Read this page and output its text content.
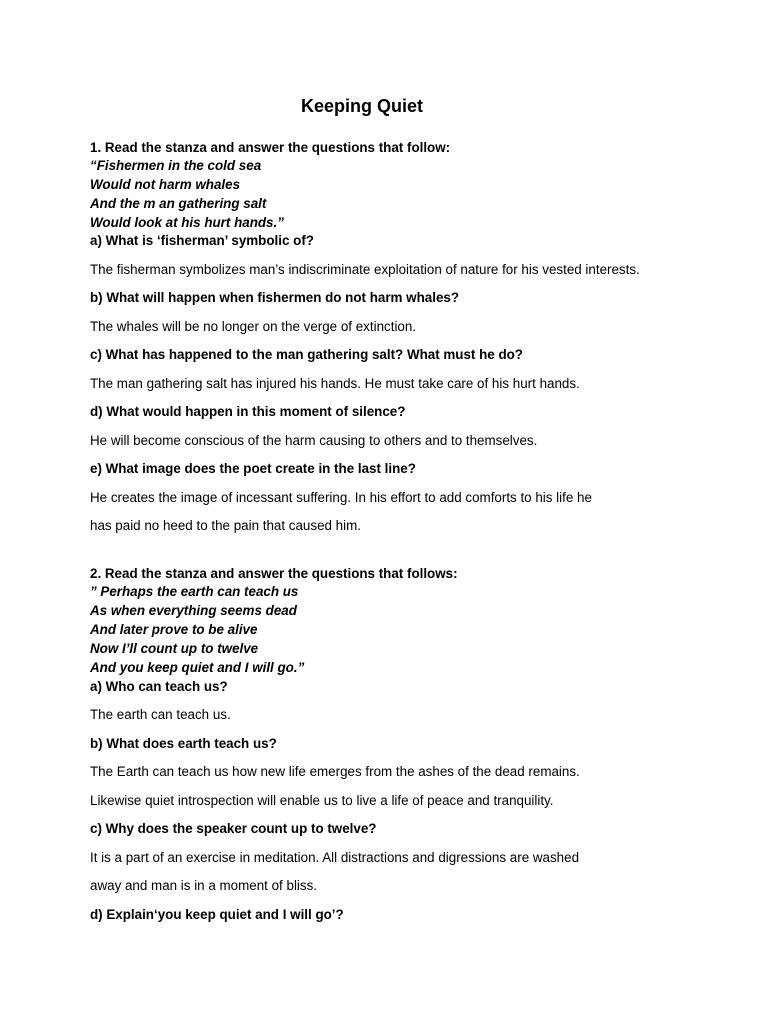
Keeping Quiet
1. Read the stanza and answer the questions that follow:
“Fishermen in the cold sea
Would not harm whales
And the m an gathering salt
Would look at his hurt hands.”
a) What is ‘fisherman’ symbolic of?
The fisherman symbolizes man’s indiscriminate exploitation of nature for his vested interests.
b) What will happen when fishermen do not harm whales?
The whales will be no longer on the verge of extinction.
c) What has happened to the man gathering salt? What must he do?
The man gathering salt has injured his hands. He must take care of his hurt hands.
d) What would happen in this moment of silence?
He will become conscious of the harm causing to others and to themselves.
e) What image does the poet create in the last line?
He creates the image of incessant suffering. In his effort to add comforts to his life he
has paid no heed to the pain that caused him.
2. Read the stanza and answer the questions that follows:
” Perhaps the earth can teach us
As when everything seems dead
And later prove to be alive
Now I’ll count up to twelve
And you keep quiet and I will go.”
a) Who can teach us?
The earth can teach us.
b) What does earth teach us?
The Earth can teach us how new life emerges from the ashes of the dead remains.
Likewise quiet introspection will enable us to live a life of peace and tranquility.
c) Why does the speaker count up to twelve?
It is a part of an exercise in meditation. All distractions and digressions are washed
away and man is in a moment of bliss.
d) Explain‘you keep quiet and I will go’?
